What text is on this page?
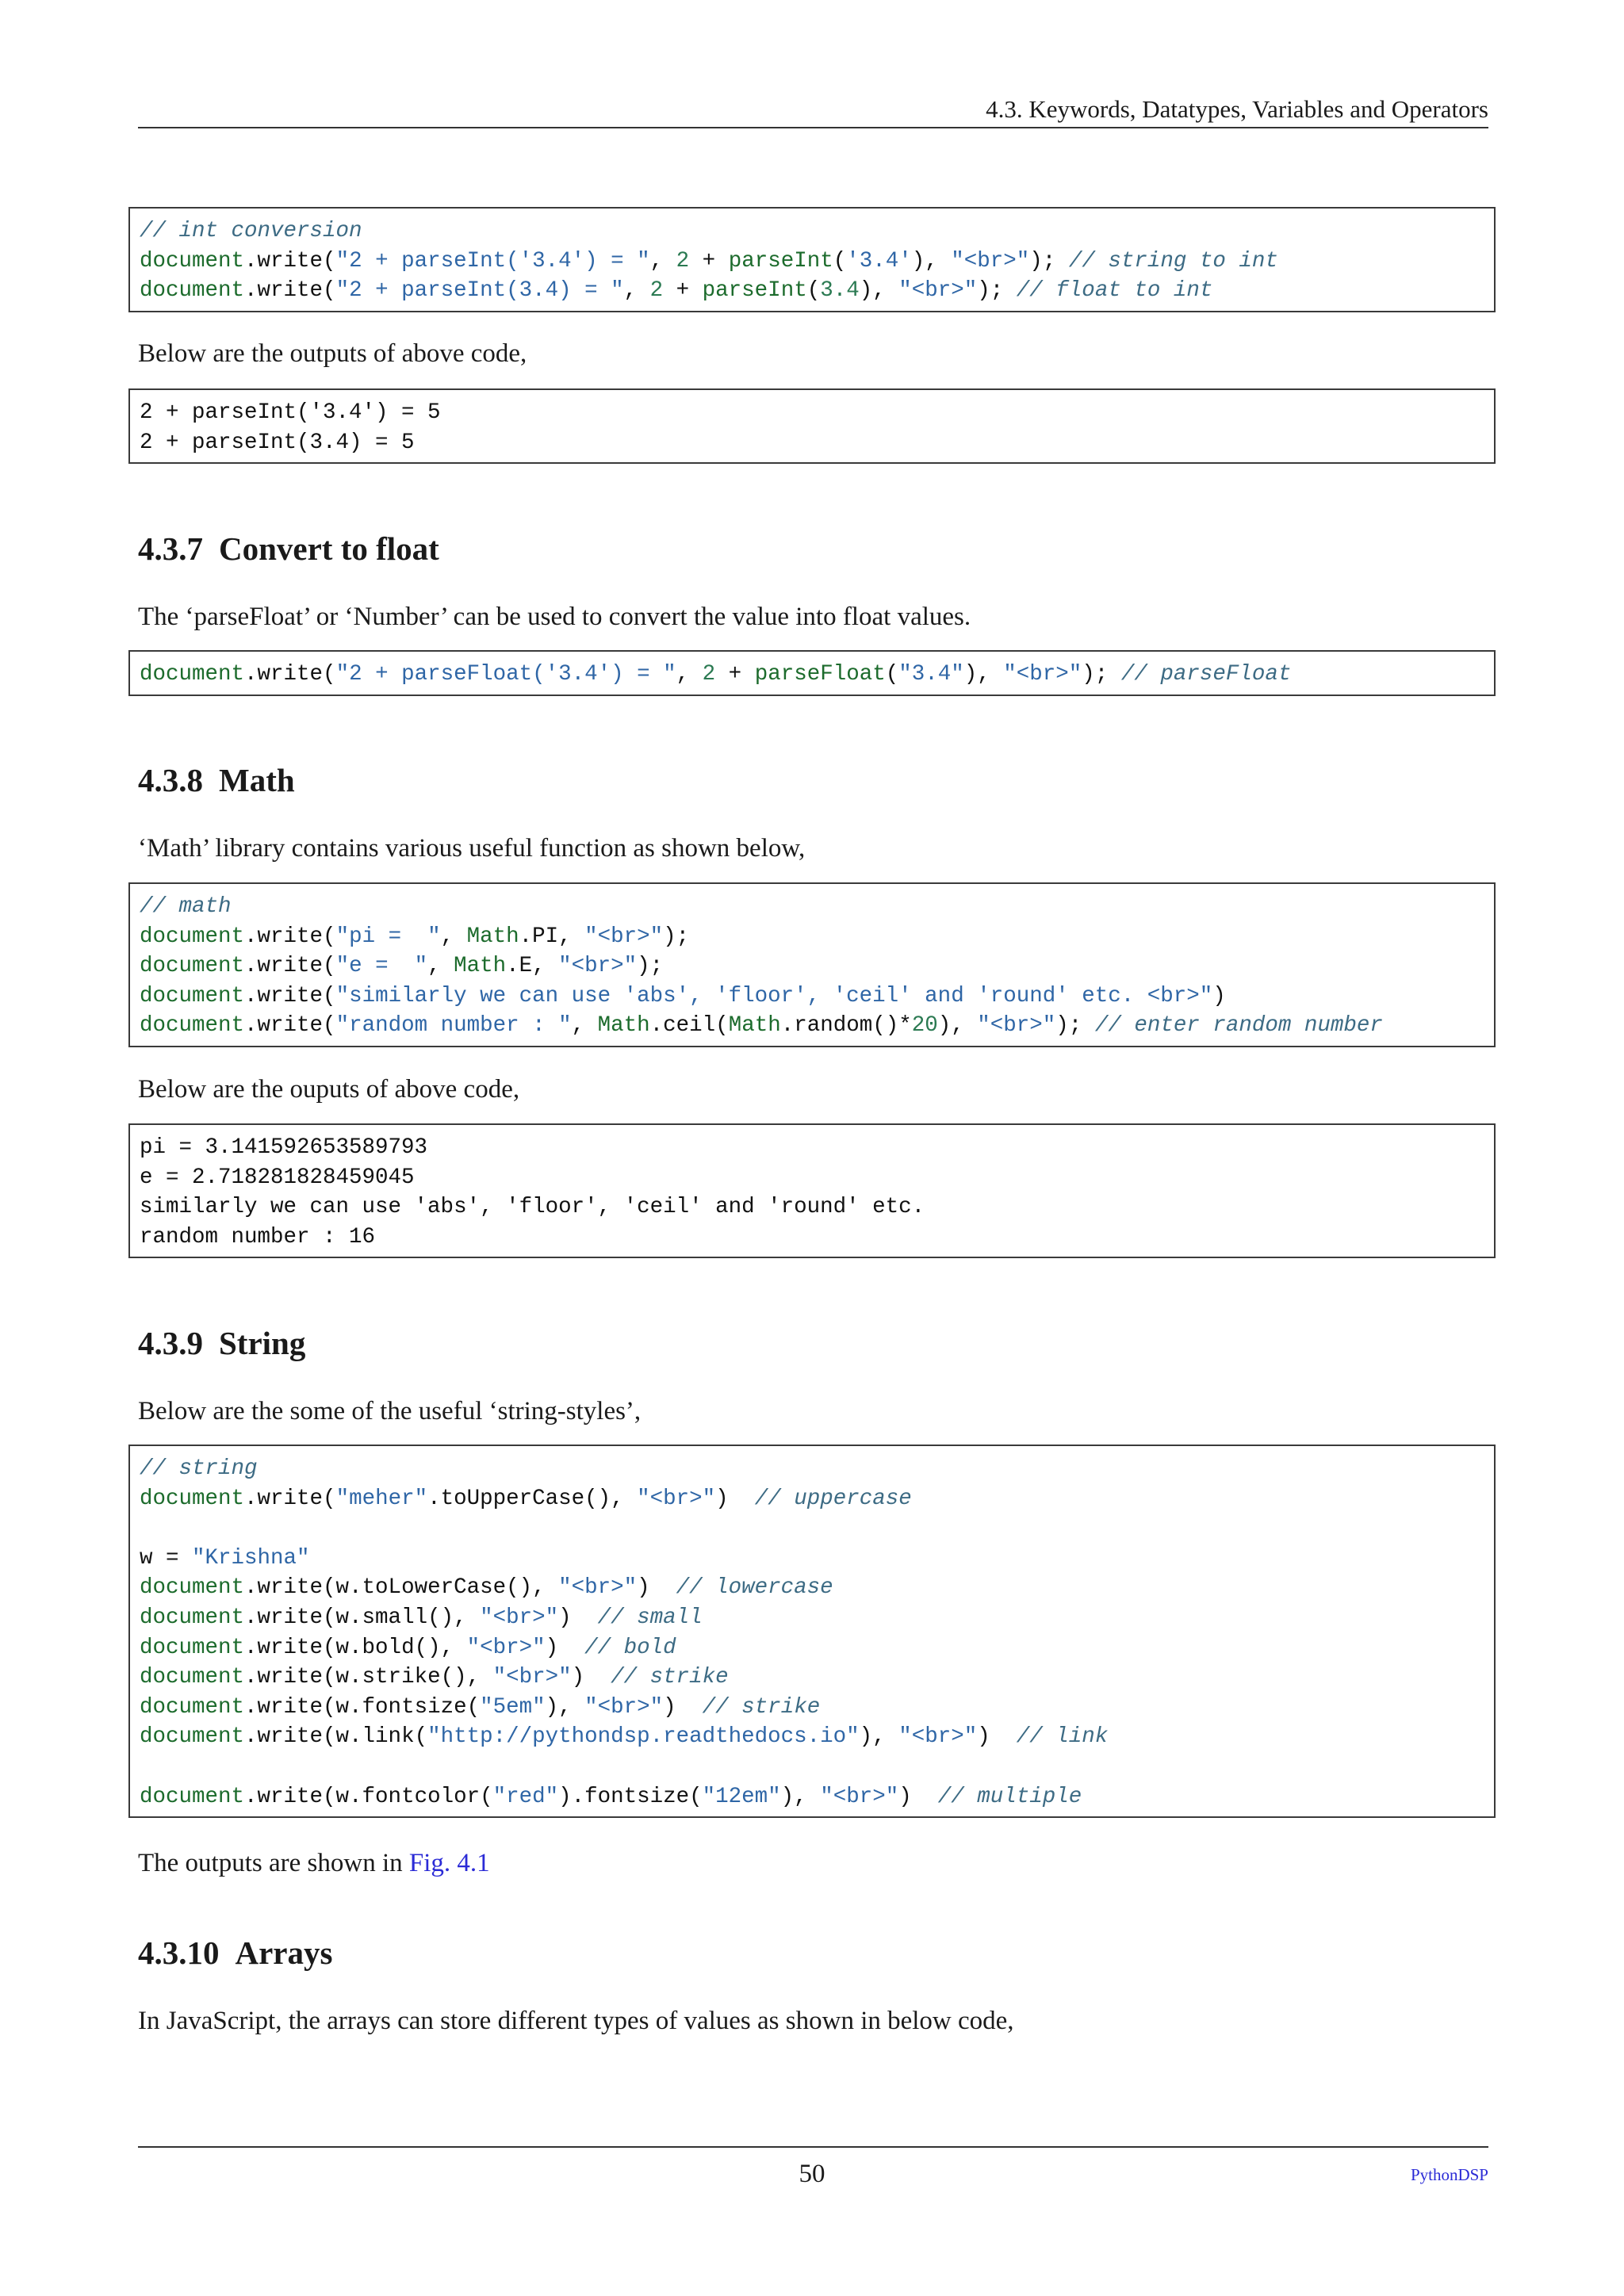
4.3. Keywords, Datatypes, Variables and Operators
// int conversion
document.write("2 + parseInt('3.4') = ", 2 + parseInt('3.4'), "<br>"); // string to int
document.write("2 + parseInt(3.4) = ", 2 + parseInt(3.4), "<br>"); // float to int
Below are the outputs of above code,
2 + parseInt('3.4') = 5
2 + parseInt(3.4) = 5
4.3.7 Convert to float
The ‘parseFloat’ or ‘Number’ can be used to convert the value into float values.
document.write("2 + parseFloat('3.4') = ", 2 + parseFloat("3.4"), "<br>"); // parseFloat
4.3.8 Math
‘Math’ library contains various useful function as shown below,
// math
document.write("pi =  ", Math.PI, "<br>");
document.write("e =  ", Math.E, "<br>");
document.write("similarly we can use 'abs', 'floor', 'ceil' and 'round' etc. <br>")
document.write("random number : ", Math.ceil(Math.random()*20), "<br>"); // enter random number
Below are the ouputs of above code,
pi = 3.141592653589793
e = 2.718281828459045
similarly we can use 'abs', 'floor', 'ceil' and 'round' etc.
random number : 16
4.3.9 String
Below are the some of the useful ‘string-styles’,
// string
document.write("meher".toUpperCase(), "<br>")  // uppercase
w = "Krishna"
document.write(w.toLowerCase(), "<br>")  // lowercase
document.write(w.small(), "<br>")  // small
document.write(w.bold(), "<br>")  // bold
document.write(w.strike(), "<br>")  // strike
document.write(w.fontsize("5em"), "<br>")  // strike
document.write(w.link("http://pythondsp.readthedocs.io"), "<br>")  // link
document.write(w.fontcolor("red").fontsize("12em"), "<br>")  // multiple
The outputs are shown in Fig. 4.1
4.3.10 Arrays
In JavaScript, the arrays can store different types of values as shown in below code,
50	PythonDSP
